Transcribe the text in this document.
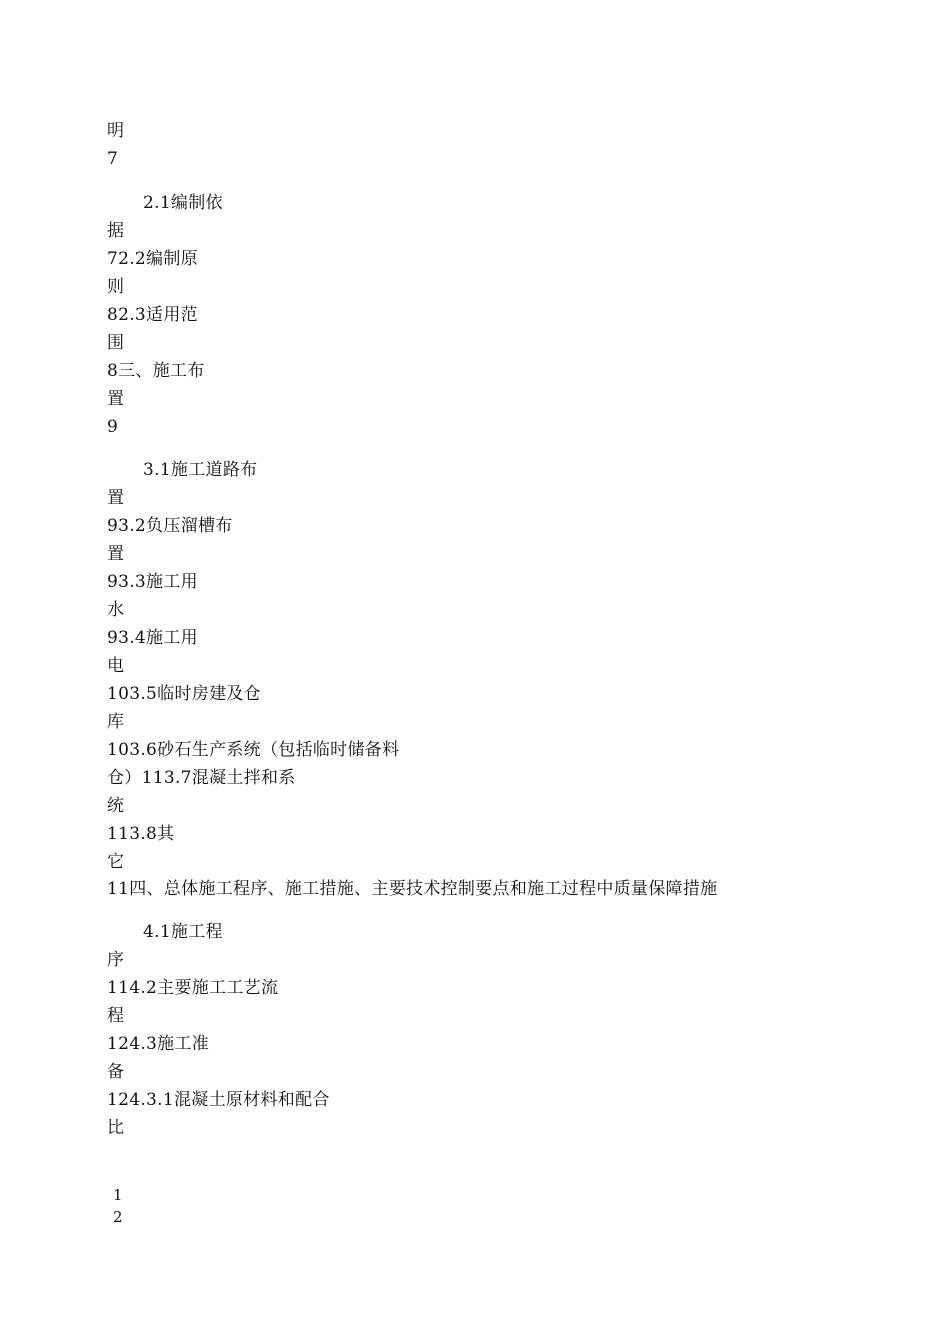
明
7
2.1编制依
据
72.2编制原
则
82.3适用范
围
8三、施工布
置
9
3.1施工道路布
置
93.2负压溜槽布
置
93.3施工用
水
93.4施工用
电
103.5临时房建及仓
库
103.6砂石生产系统（包括临时储备料
仓）113.7混凝土拌和系
统
113.8其
它
11四、总体施工程序、施工措施、主要技术控制要点和施工过程中质量保障措施
4.1施工程
序
114.2主要施工工艺流
程
124.3施工准
备
124.3.1混凝土原材料和配合
比
1
2
